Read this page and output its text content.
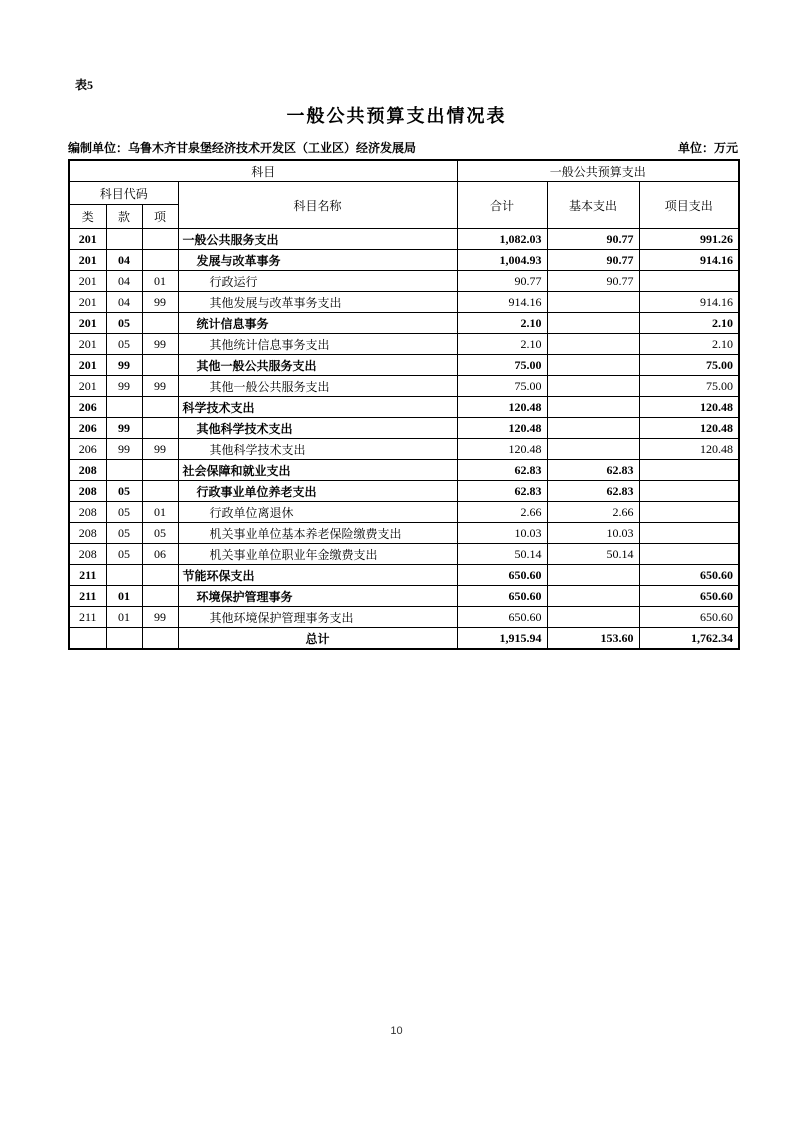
表5
一般公共预算支出情况表
编制单位：乌鲁木齐甘泉堡经济技术开发区（工业区）经济发展局	单位：万元
科目				一般公共预算支出		
科目代码			科目名称	合计	基本支出	项目支出
类	款	项				
201			一般公共服务支出	1,082.03	90.77	991.26
201	04		发展与改革事务	1,004.93	90.77	914.16
201	04	01	行政运行	90.77	90.77	
201	04	99	其他发展与改革事务支出	914.16		914.16
201	05		统计信息事务	2.10		2.10
201	05	99	其他统计信息事务支出	2.10		2.10
201	99		其他一般公共服务支出	75.00		75.00
201	99	99	其他一般公共服务支出	75.00		75.00
206			科学技术支出	120.48		120.48
206	99		其他科学技术支出	120.48		120.48
206	99	99	其他科学技术支出	120.48		120.48
208			社会保障和就业支出	62.83	62.83	
208	05		行政事业单位养老支出	62.83	62.83	
208	05	01	行政单位离退休	2.66	2.66	
208	05	05	机关事业单位基本养老保险缴费支出	10.03	10.03	
208	05	06	机关事业单位职业年金缴费支出	50.14	50.14	
211			节能环保支出	650.60		650.60
211	01		环境保护管理事务	650.60		650.60
211	01	99	其他环境保护管理事务支出	650.60		650.60
			总计	1,915.94	153.60	1,762.34
10
